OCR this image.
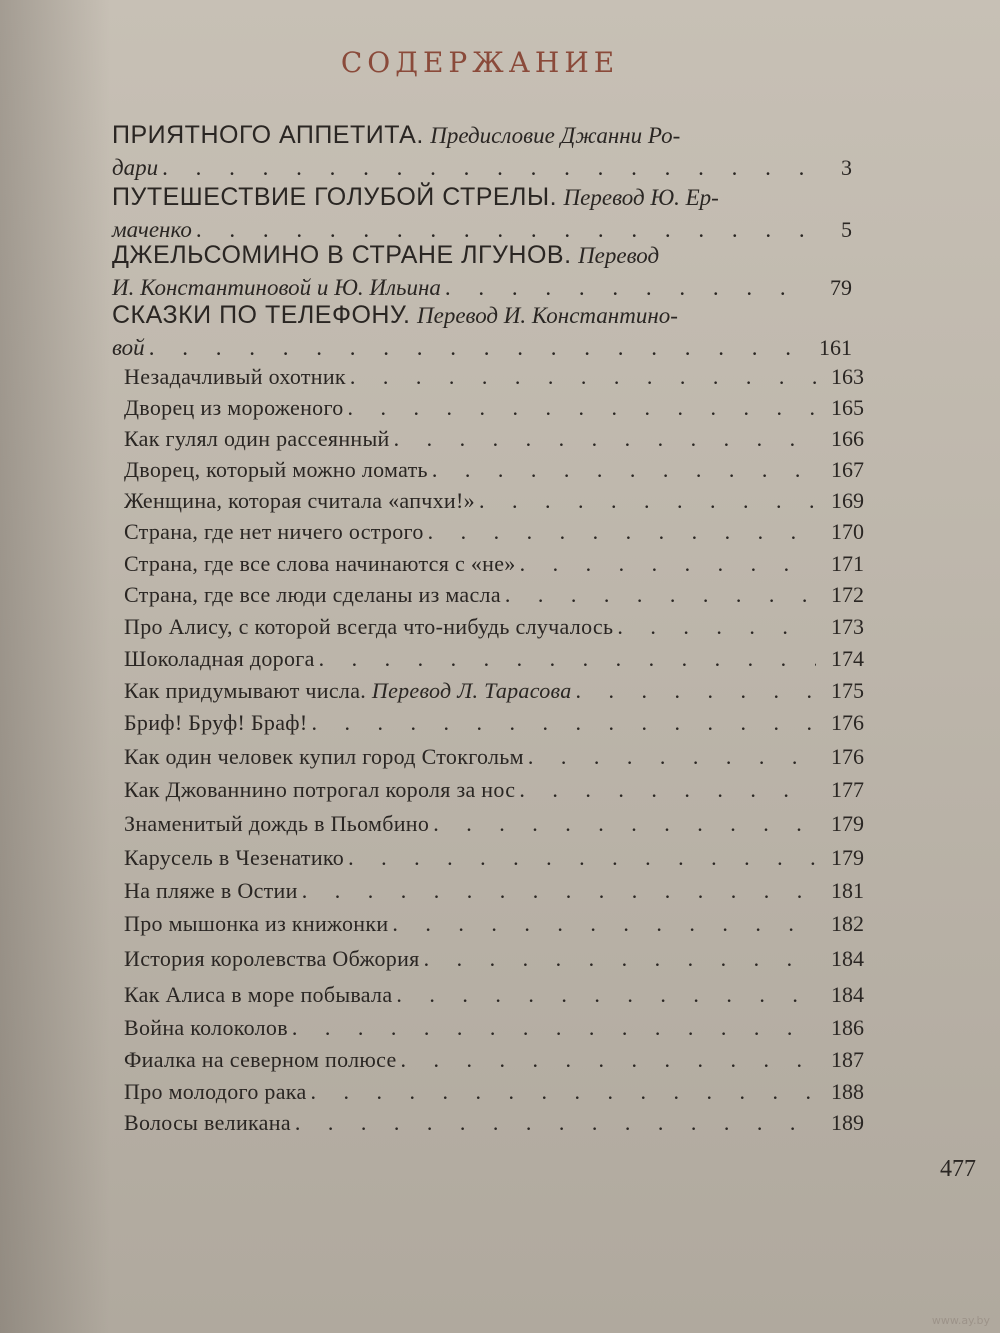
СОДЕРЖАНИЕ
ПРИЯТНОГО АППЕТИТА. Предисловие Джанни Ро-
дари . . .	3
ПУТЕШЕСТВИЕ ГОЛУБОЙ СТРЕЛЫ. Перевод Ю. Ер-
маченко . . .	5
ДЖЕЛЬСОМИНО В СТРАНЕ ЛГУНОВ. Перевод
И. Константиновой и Ю. Ильина . . .	79
СКАЗКИ ПО ТЕЛЕФОНУ. Перевод И. Константино-
вой . . .	161
Незадачливый охотник . . .	163
Дворец из мороженого . . .	165
Как гулял один рассеянный . . .	166
Дворец, который можно ломать . . .	167
Женщина, которая считала «апчхи!» . . .	169
Страна, где нет ничего острого . . .	170
Страна, где все слова начинаются с «не» . . .	171
Страна, где все люди сделаны из масла . . .	172
Про Алису, с которой всегда что-нибудь случалось . . .	173
Шоколадная дорога . . .	174
Как придумывают числа. Перевод Л. Тарасова . . .	175
Бриф! Бруф! Браф! . . .	176
Как один человек купил город Стокгольм . . .	176
Как Джованнино потрогал короля за нос . . .	177
Знаменитый дождь в Пьомбино . . .	179
Карусель в Чезенатико . . .	179
На пляже в Остии . . .	181
Про мышонка из книжонки . . .	182
История королевства Обжория . . .	184
Как Алиса в море побывала . . .	184
Война колоколов . . .	186
Фиалка на северном полюсе . . .	187
Про молодого рака . . .	188
Волосы великана . . .	189
477
www.ay.by
